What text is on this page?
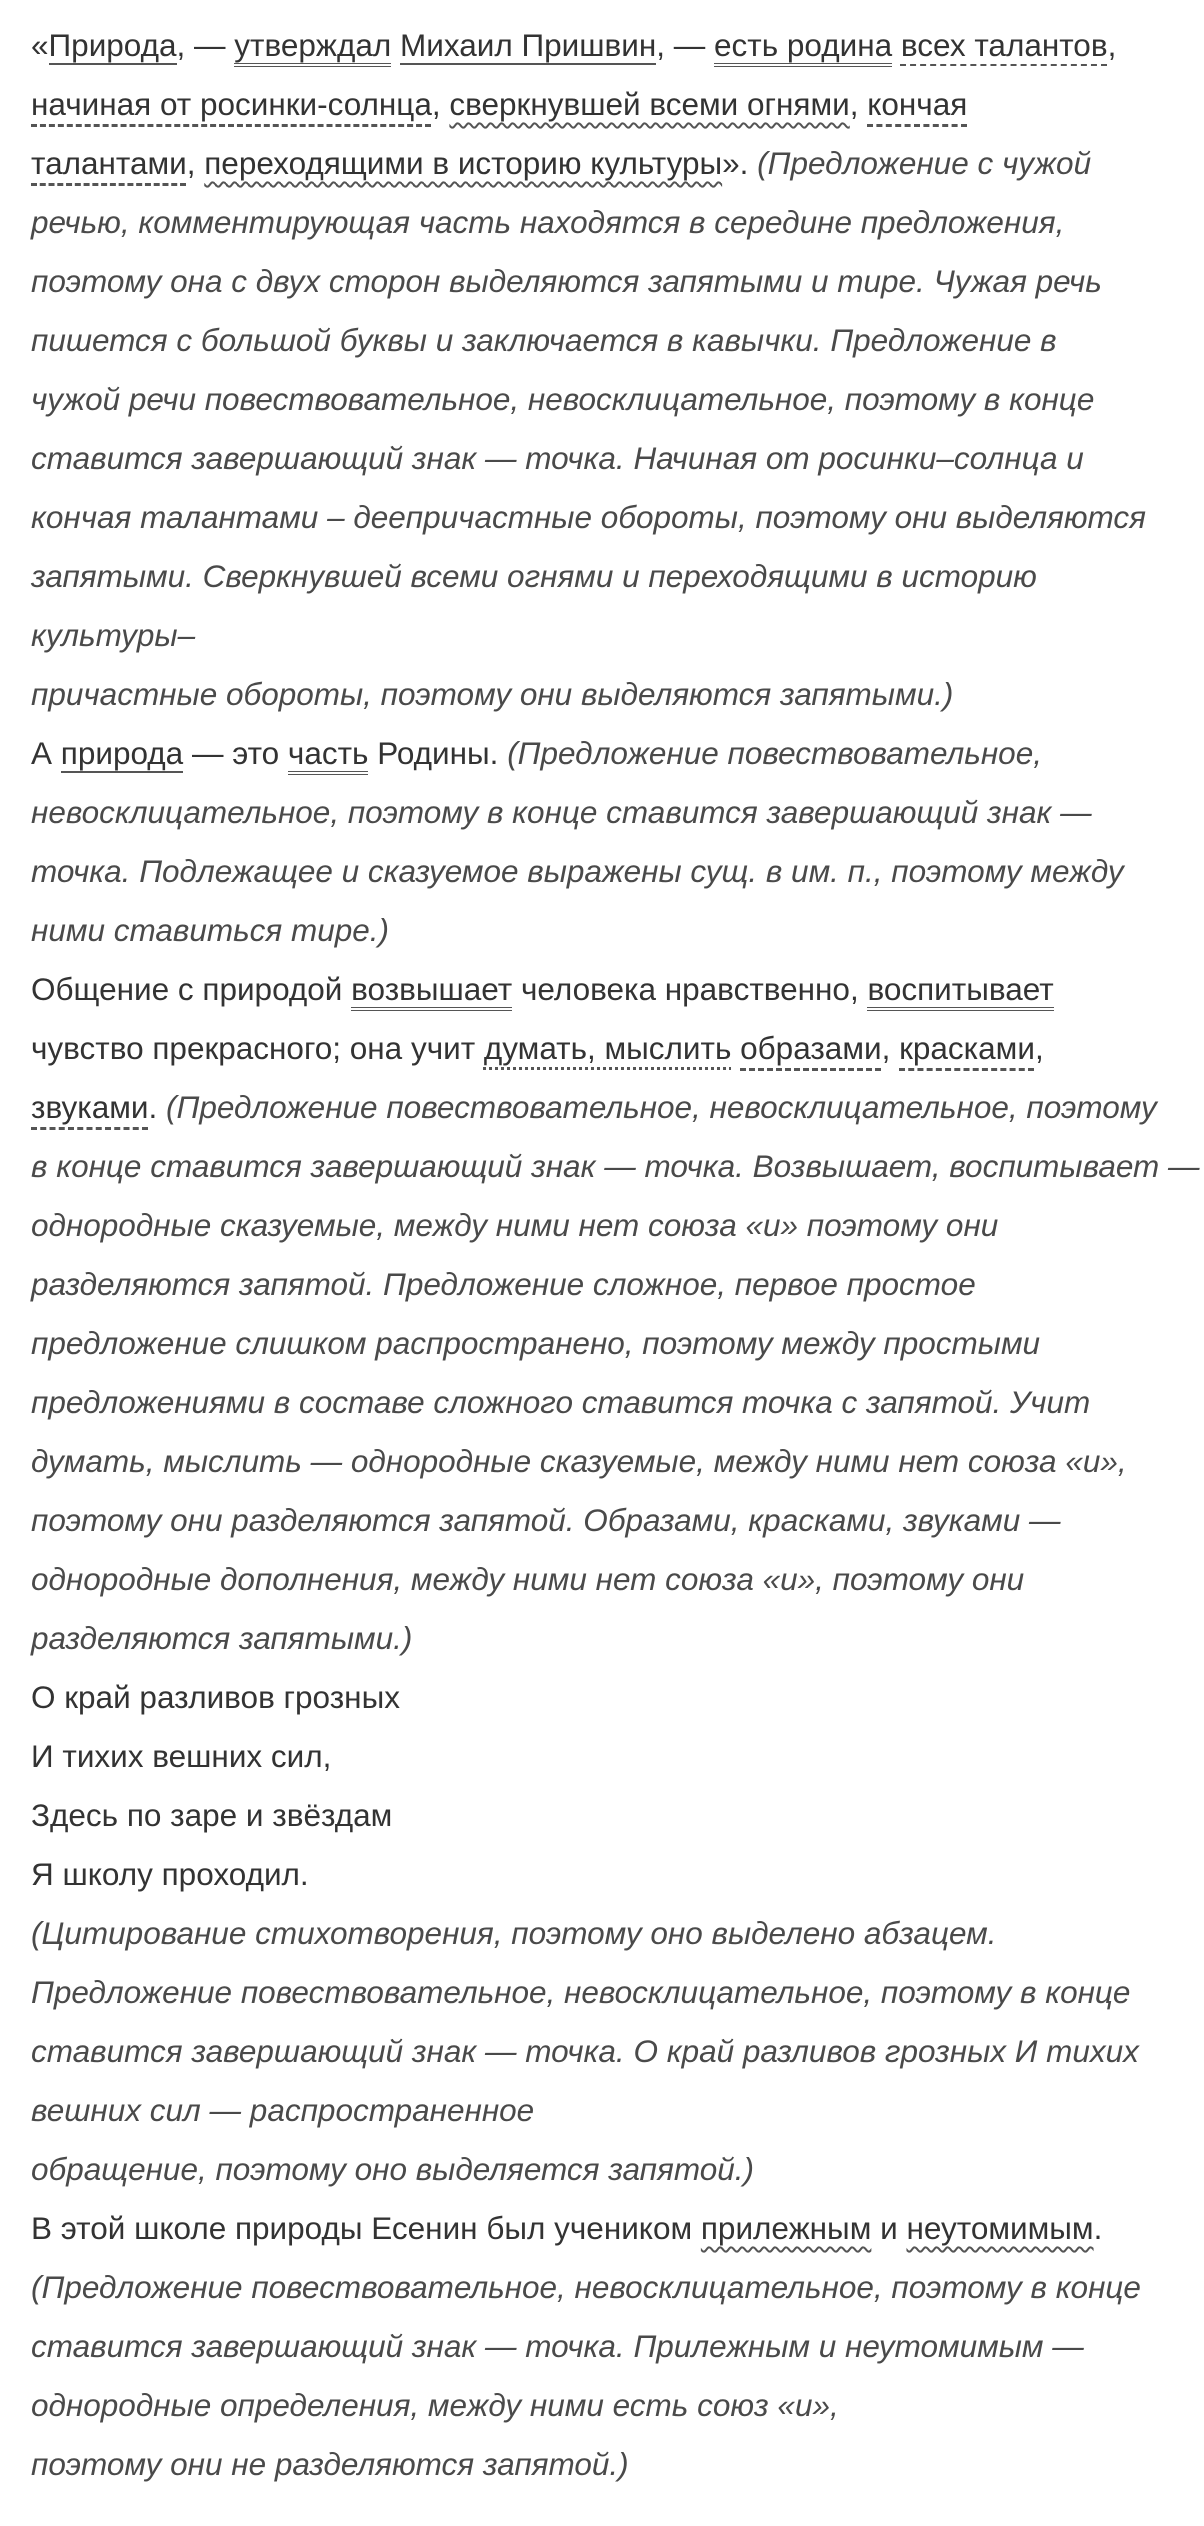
«Природа, — утверждал Михаил Пришвин, — есть родина всех талантов,
начиная от росинки-солнца, сверкнувшей всеми огнями, кончая
талантами, переходящими в историю культуры». (Предложение с чужой
речью, комментирующая часть находятся в середине предложения,
поэтому она с двух сторон выделяются запятыми и тире. Чужая речь
пишется с большой буквы и заключается в кавычки. Предложение в
чужой речи повествовательное, невосклицательное, поэтому в конце
ставится завершающий знак — точка. Начиная от росинки–солнца и
кончая талантами – деепричастные обороты, поэтому они выделяются
запятыми. Сверкнувшей всеми огнями и переходящими в историю
культуры–
причастные обороты, поэтому они выделяются запятыми.)
А природа — это часть Родины. (Предложение повествовательное,
невосклицательное, поэтому в конце ставится завершающий знак —
точка. Подлежащее и сказуемое выражены сущ. в им. п., поэтому между
ними ставиться тире.)
Общение с природой возвышает человека нравственно, воспитывает
чувство прекрасного; она учит думать, мыслить образами, красками,
звуками. (Предложение повествовательное, невосклицательное, поэтому
в конце ставится завершающий знак — точка. Возвышает, воспитывает —
однородные сказуемые, между ними нет союза «и» поэтому они
разделяются запятой. Предложение сложное, первое простое
предложение слишком распространено, поэтому между простыми
предложениями в составе сложного ставится точка с запятой. Учит
думать, мыслить — однородные сказуемые, между ними нет союза «и»,
поэтому они разделяются запятой. Образами, красками, звуками —
однородные дополнения, между ними нет союза «и», поэтому они
разделяются запятыми.)
О край разливов грозных
И тихих вешних сил,
Здесь по заре и звёздам
Я школу проходил.
(Цитирование стихотворения, поэтому оно выделено абзацем.
Предложение повествовательное, невосклицательное, поэтому в конце
ставится завершающий знак — точка. О край разливов грозных И тихих
вешних сил — распространенное
обращение, поэтому оно выделяется запятой.)
В этой школе природы Есенин был учеником прилежным и неутомимым.
(Предложение повествовательное, невосклицательное, поэтому в конце
ставится завершающий знак — точка. Прилежным и неутомимым —
однородные определения, между ними есть союз «и»,
поэтому они не разделяются запятой.)
